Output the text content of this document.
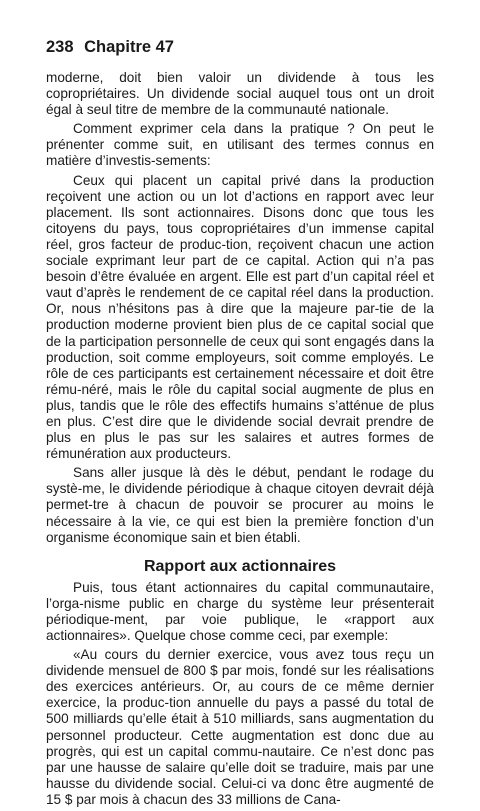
238 Chapitre 47

moderne, doit bien valoir un dividende à tous les copropriétaires. Un dividende social auquel tous ont un droit égal à seul titre de membre de la communauté nationale.

Comment exprimer cela dans la pratique ? On peut le prénenter comme suit, en utilisant des termes connus en matière d’investis-sements:

Ceux qui placent un capital privé dans la production reçoivent une action ou un lot d’actions en rapport avec leur placement. Ils sont actionnaires. Disons donc que tous les citoyens du pays, tous copropriétaires d’un immense capital réel, gros facteur de produc-tion, reçoivent chacun une action sociale exprimant leur part de ce capital. Action qui n’a pas besoin d’être évaluée en argent. Elle est part d’un capital réel et vaut d’après le rendement de ce capital réel dans la production. Or, nous n’hésitons pas à dire que la majeure par-tie de la production moderne provient bien plus de ce capital social que de la participation personnelle de ceux qui sont engagés dans la production, soit comme employeurs, soit comme employés. Le rôle de ces participants est certainement nécessaire et doit être rému-néré, mais le rôle du capital social augmente de plus en plus, tandis que le rôle des effectifs humains s’atténue de plus en plus. C’est dire que le dividende social devrait prendre de plus en plus le pas sur les salaires et autres formes de rémunération aux producteurs.

Sans aller jusque là dès le début, pendant le rodage du systè-me, le dividende périodique à chaque citoyen devrait déjà permet-tre à chacun de pouvoir se procurer au moins le nécessaire à la vie, ce qui est bien la première fonction d’un organisme économique sain et bien établi.

Rapport aux actionnaires

Puis, tous étant actionnaires du capital communautaire, l’orga-nisme public en charge du système leur présenterait périodique-ment, par voie publique, le «rapport aux actionnaires». Quelque chose comme ceci, par exemple:

«Au cours du dernier exercice, vous avez tous reçu un dividende mensuel de 800 $ par mois, fondé sur les réalisations des exercices antérieurs. Or, au cours de ce même dernier exercice, la produc-tion annuelle du pays a passé du total de 500 milliards qu’elle était à 510 milliards, sans augmentation du personnel producteur. Cette augmentation est donc due au progrès, qui est un capital commu-nautaire. Ce n’est donc pas par une hausse de salaire qu’elle doit se traduire, mais par une hausse du dividende social. Celui-ci va donc être augmenté de 15 $ par mois à chacun des 33 millions de Cana-
